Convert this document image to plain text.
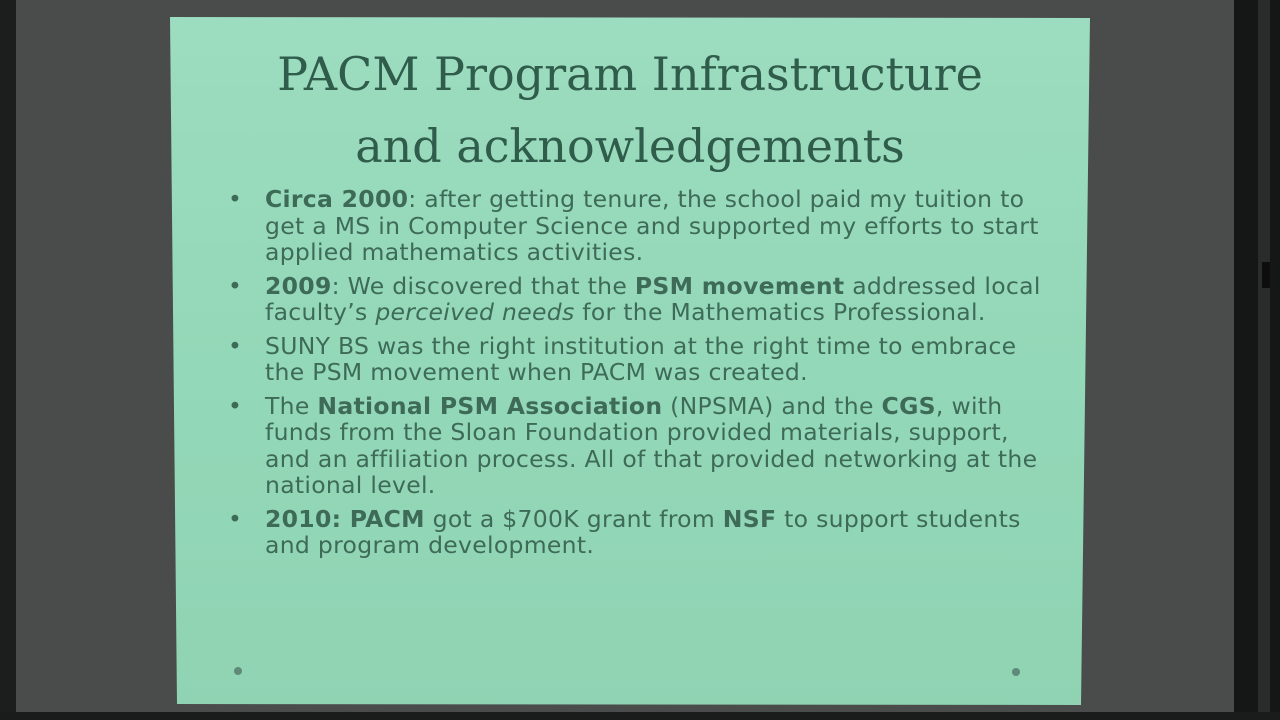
PACM Program Infrastructure
and acknowledgements
• Circa 2000: after getting tenure, the school paid my tuition to get a MS in Computer Science and supported my efforts to start applied mathematics activities.
• 2009: We discovered that the PSM movement addressed local faculty’s perceived needs for the Mathematics Professional.
• SUNY BS was the right institution at the right time to embrace the PSM movement when PACM was created.
• The National PSM Association (NPSMA) and the CGS, with funds from the Sloan Foundation provided materials, support, and an affiliation process. All of that provided networking at the national level.
• 2010: PACM got a $700K grant from NSF to support students and program development.
